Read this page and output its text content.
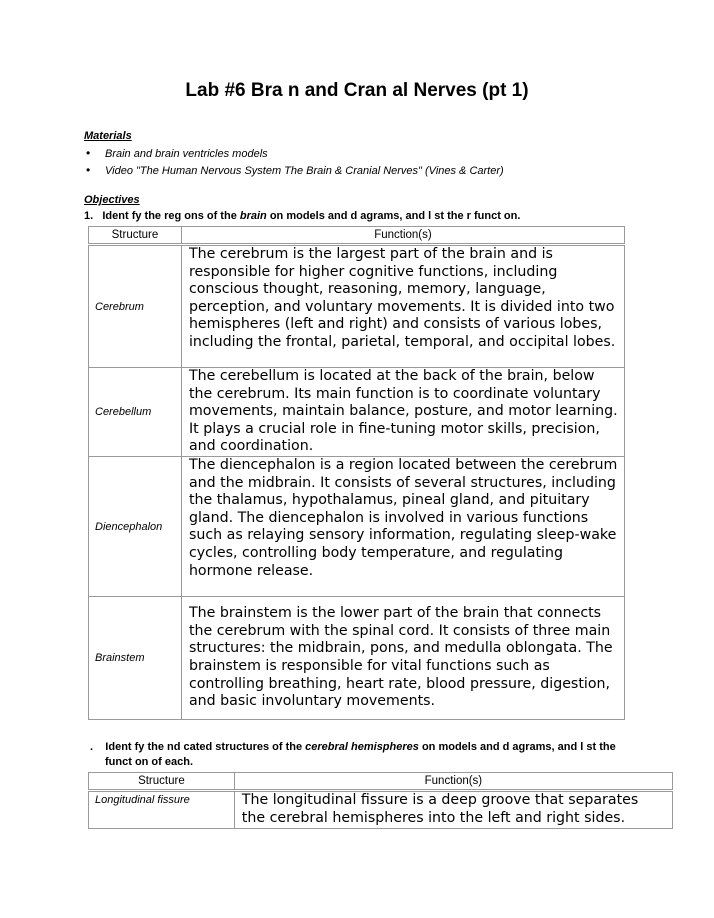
Lab #6 Bra n and Cran al Nerves (pt 1)
Materials
• Brain and brain ventricles models
• Video "The Human Nervous System The Brain & Cranial Nerves" (Vines & Carter)
Objectives
1. Ident fy the reg ons of the brain on models and d agrams, and l st the r funct on.
Structure	Function(s)
Cerebrum	The cerebrum is the largest part of the brain and is responsible for higher cognitive functions, including conscious thought, reasoning, memory, language, perception, and voluntary movements. It is divided into two hemispheres (left and right) and consists of various lobes, including the frontal, parietal, temporal, and occipital lobes.
Cerebellum	The cerebellum is located at the back of the brain, below the cerebrum. Its main function is to coordinate voluntary movements, maintain balance, posture, and motor learning. It plays a crucial role in fine-tuning motor skills, precision, and coordination.
Diencephalon	The diencephalon is a region located between the cerebrum and the midbrain. It consists of several structures, including the thalamus, hypothalamus, pineal gland, and pituitary gland. The diencephalon is involved in various functions such as relaying sensory information, regulating sleep-wake cycles, controlling body temperature, and regulating hormone release.
Brainstem	The brainstem is the lower part of the brain that connects the cerebrum with the spinal cord. It consists of three main structures: the midbrain, pons, and medulla oblongata. The brainstem is responsible for vital functions such as controlling breathing, heart rate, blood pressure, digestion, and basic involuntary movements.
. Ident fy the nd cated structures of the cerebral hemispheres on models and d agrams, and l st the
funct on of each.
Structure	Function(s)
Longitudinal fissure	The longitudinal fissure is a deep groove that separates the cerebral hemispheres into the left and right sides.
